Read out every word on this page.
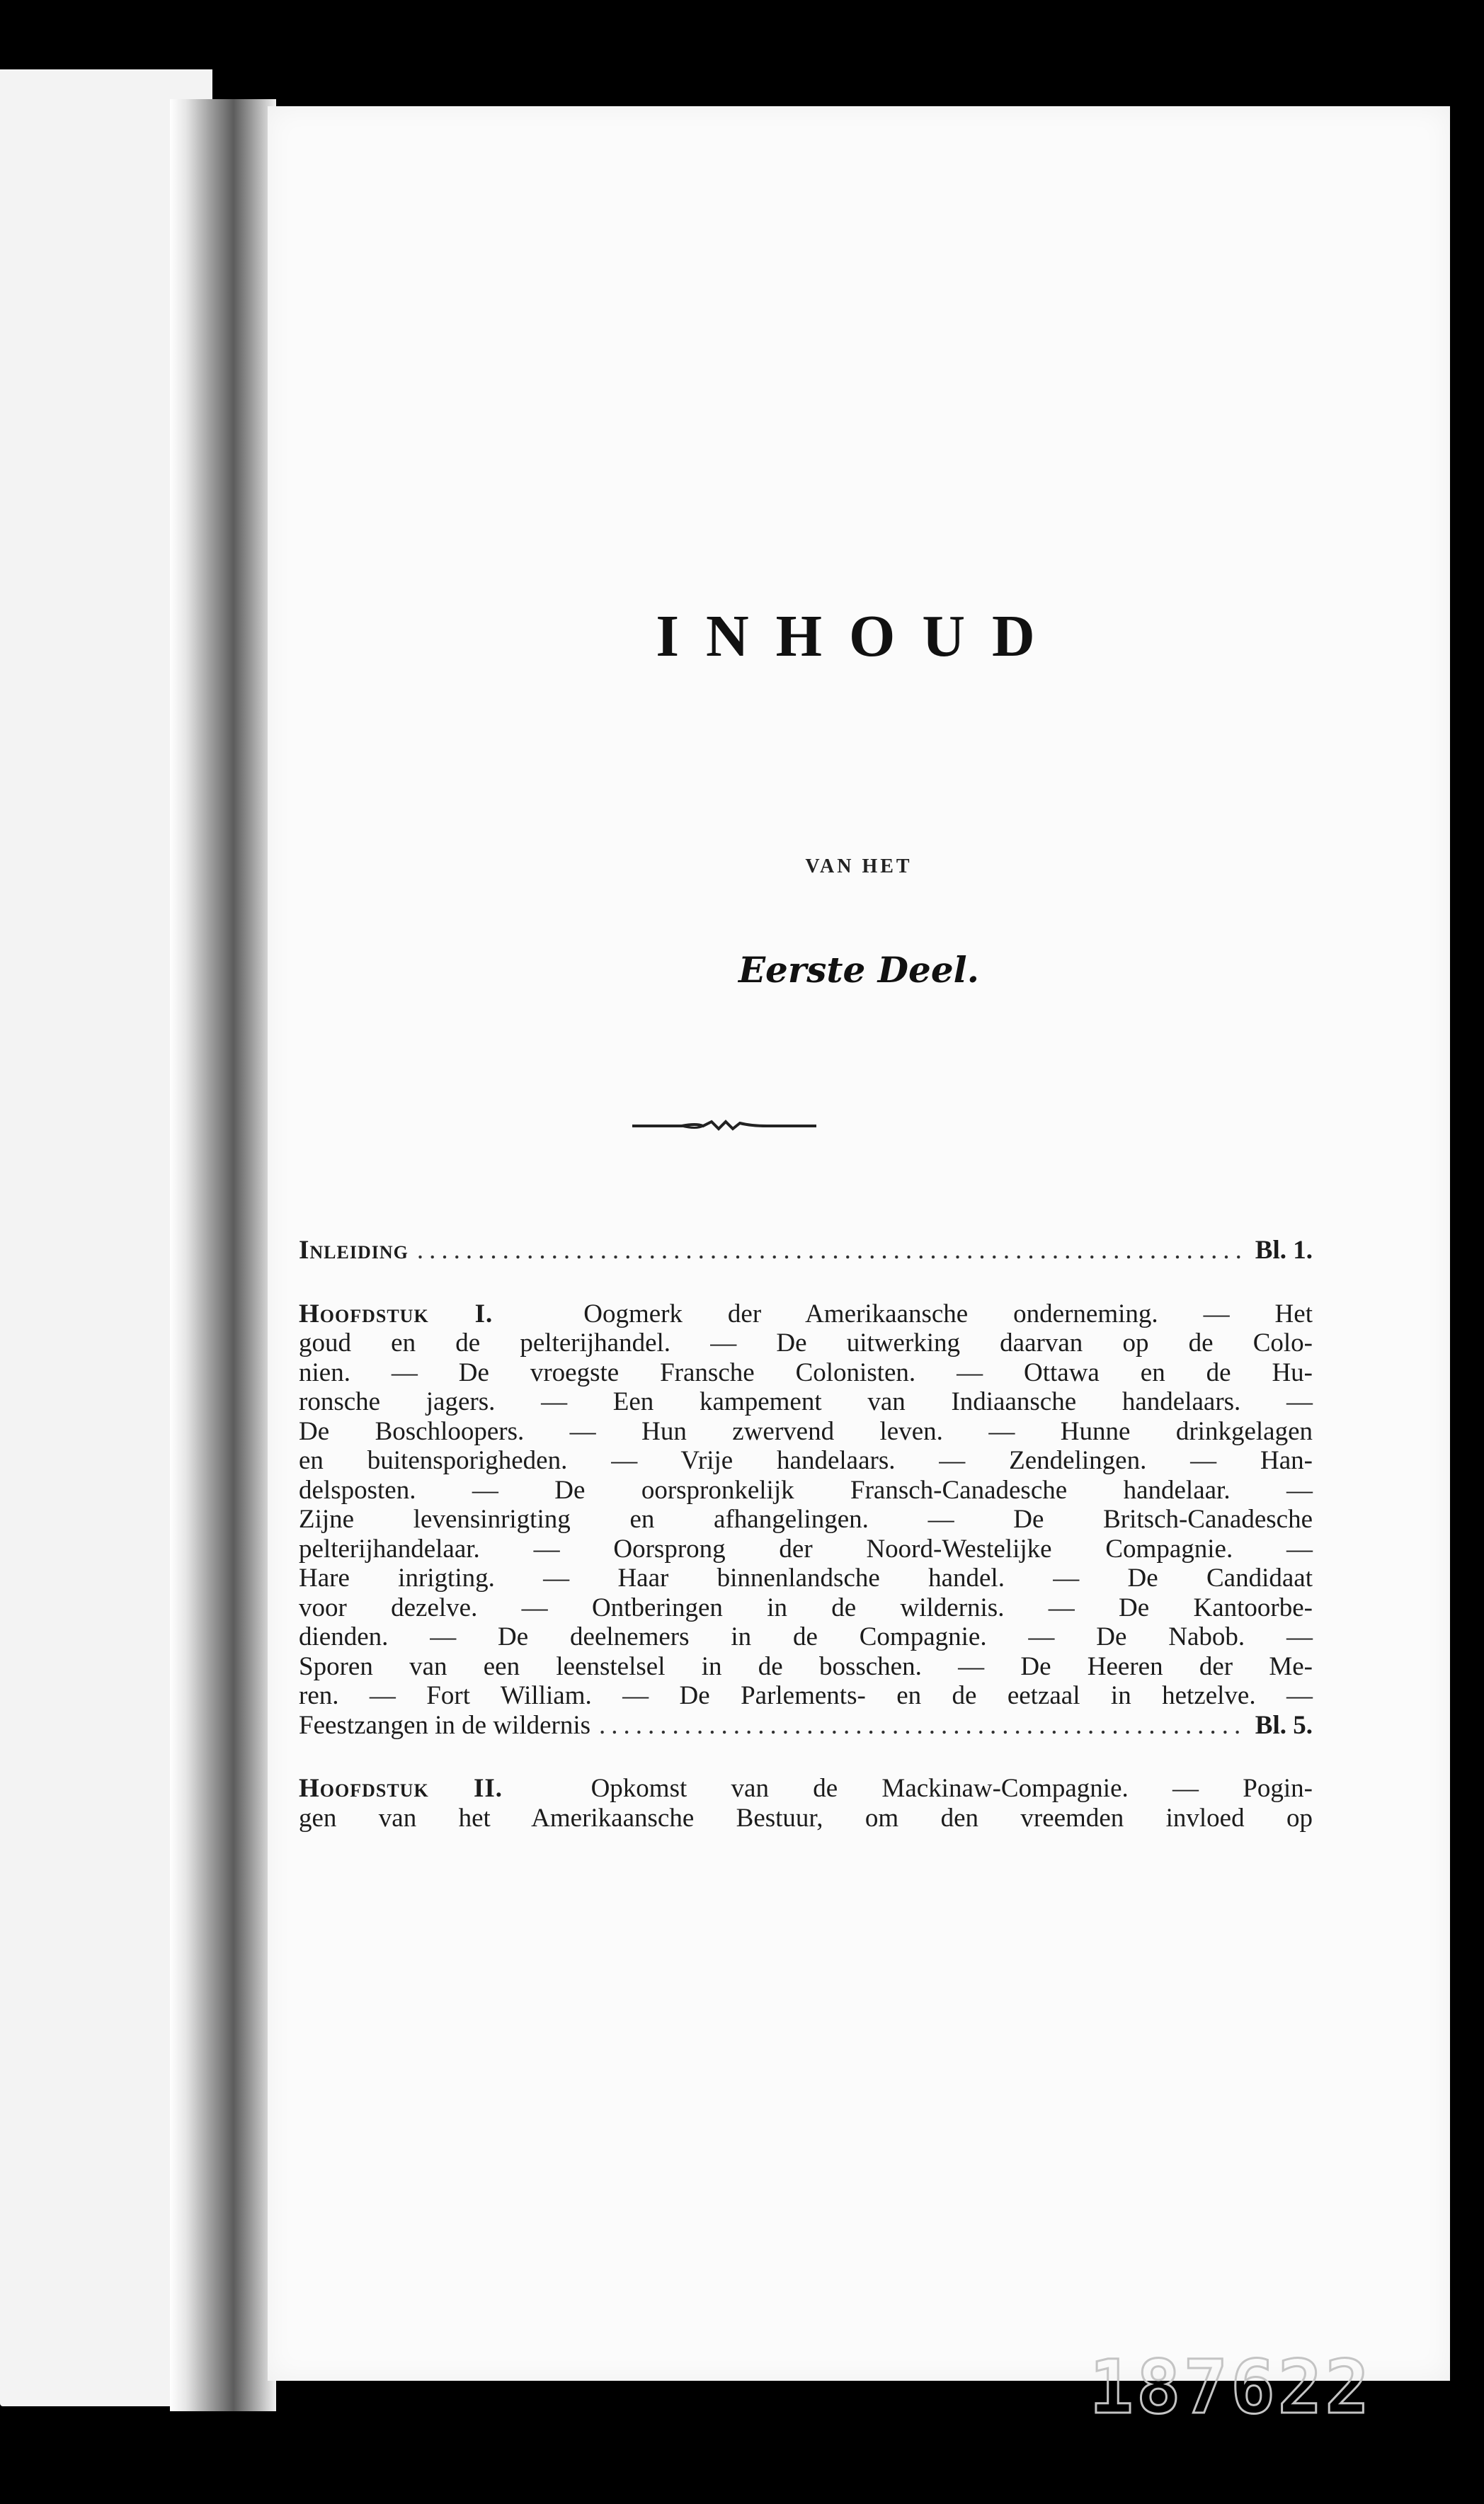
INHOUD
VAN HET
Eerste Deel.
Inleiding .....	Bl. 1.

Hoofdstuk I.	Oogmerk der Amerikaansche onderneming. — Het

goud en de pelterijhandel. — De uitwerking daarvan op de Colo-

nien. — De vroegste Fransche Colonisten. — Ottawa en de Hu-

ronsche jagers. — Een kampement van Indiaansche handelaars. —

De Boschloopers. — Hun zwervend leven. — Hunne drinkgelagen

en buitensporigheden. — Vrije handelaars. — Zendelingen. — Han-

delsposten. — De oorspronkelijk Fransch-Canadesche handelaar. —

Zijne levensinrigting en afhangelingen. — De Britsch-Canadesche

pelterijhandelaar. — Oorsprong der Noord-Westelijke Compagnie. —

Hare inrigting. — Haar binnenlandsche handel. — De Candidaat

voor dezelve. — Ontberingen in de wildernis. — De Kantoorbe-

dienden. — De deelnemers in de Compagnie. — De Nabob. —

Sporen van een leenstelsel in de bosschen. — De Heeren der Me-

ren. — Fort William. — De Parlements- en de eetzaal in hetzelve. —

Feestzangen in de wildernis .....	Bl. 5.

Hoofdstuk II.	Opkomst van de Mackinaw-Compagnie. — Pogin-

gen van het Amerikaansche Bestuur, om den vreemden invloed op

187622
